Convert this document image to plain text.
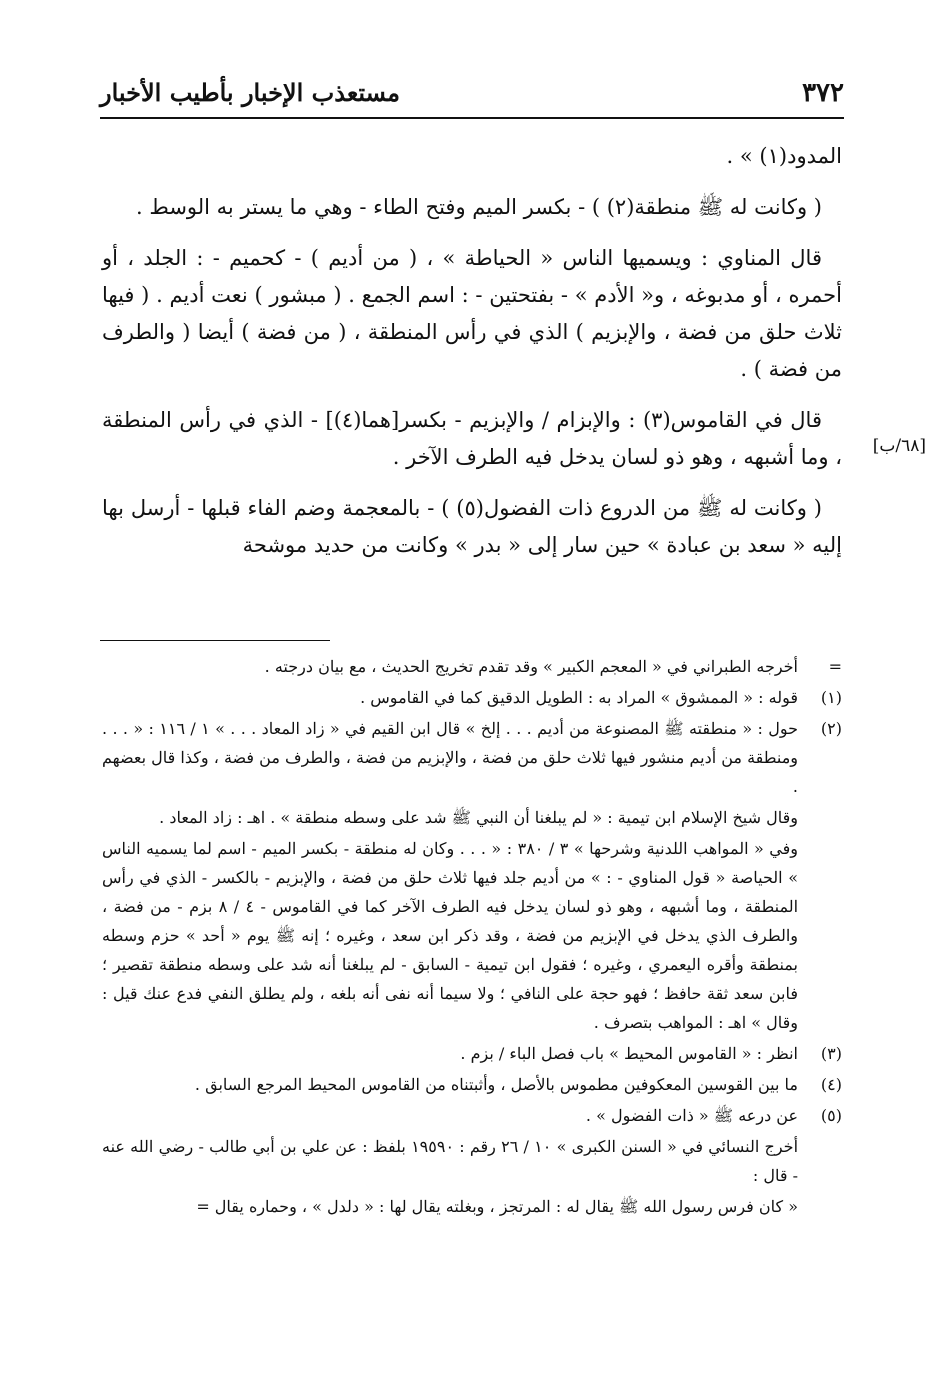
٣٧٢
مستعذب الإخبار بأطيب الأخبار
[٦٨/ب]

المدود(١) » .

( وكانت له ﷺ منطقة(٢) ) - بكسر الميم وفتح الطاء - وهي ما يستر به الوسط .

قال المناوي : ويسميها الناس « الحياطة » ، ( من أديم ) - كحميم - : الجلد ، أو أحمره ، أو مدبوغه ، و« الأدم » - بفتحتين - : اسم الجمع . ( مبشور ) نعت أديم . ( فيها ثلاث حلق من فضة ، والإبزيم ) الذي في رأس المنطقة ، ( من فضة ) أيضا ( والطرف من فضة ) .

قال في القاموس(٣) : والإبزام / والإبزيم - بكسر[هما(٤)] - الذي في رأس المنطقة ، وما أشبهه ، وهو ذو لسان يدخل فيه الطرف الآخر .

( وكانت له ﷺ من الدروع ذات الفضول(٥) ) - بالمعجمة وضم الفاء قبلها - أرسل بها إليه « سعد بن عبادة » حين سار إلى « بدر » وكانت من حديد موشحة

=
أخرجه الطبراني في « المعجم الكبير » وقد تقدم تخريج الحديث ، مع بيان درجته .
(١)
قوله : « الممشوق » المراد به : الطويل الدقيق كما في القاموس .
(٢)
حول : « منطقته ﷺ المصنوعة من أديم . . . إلخ » قال ابن القيم في « زاد المعاد . . . » ١ / ١١٦ : « . . . ومنطقة من أديم منشور فيها ثلاث حلق من فضة ، والإبزيم من فضة ، والطرف من فضة ، وكذا قال بعضهم .
وقال شيخ الإسلام ابن تيمية : « لم يبلغنا أن النبي ﷺ شد على وسطه منطقة » . اهـ : زاد المعاد .
وفي « المواهب اللدنية وشرحها » ٣ / ٣٨٠ : « . . . وكان له منطقة - بكسر الميم - اسم لما يسميه الناس » الحياصة « قول المناوي - : » من أديم جلد فيها ثلاث حلق من فضة ، والإبزيم - بالكسر - الذي في رأس المنطقة ، وما أشبهه ، وهو ذو لسان يدخل فيه الطرف الآخر كما في القاموس - ٤ / ٨ بزم - من فضة ، والطرف الذي يدخل في الإبزيم من فضة ، وقد ذكر ابن سعد ، وغيره ؛ إنه ﷺ يوم « أحد » حزم وسطه بمنطقة وأقره اليعمري ، وغيره ؛ فقول ابن تيمية - السابق - لم يبلغنا أنه شد على وسطه منطقة تقصير ؛ فابن سعد ثقة حافظ ؛ فهو حجة على النافي ؛ ولا سيما أنه نفى أنه بلغه ، ولم يطلق النفي فدع عنك قيل : وقال » اهـ : المواهب بتصرف .
(٣)
انظر : « القاموس المحيط » باب فصل الباء / بزم .
(٤)
ما بين القوسين المعكوفين مطموس بالأصل ، وأثبتناه من القاموس المحيط المرجع السابق .
(٥)
عن درعه ﷺ « ذات الفضول » .
أخرج النسائي في « السنن الكبرى » ١٠ / ٢٦ رقم : ١٩٥٩٠ بلفظ : عن علي بن أبي طالب - رضي الله عنه - قال :
« كان فرس رسول الله ﷺ يقال له : المرتجز ، وبغلته يقال لها : « دلدل » ، وحماره يقال =
